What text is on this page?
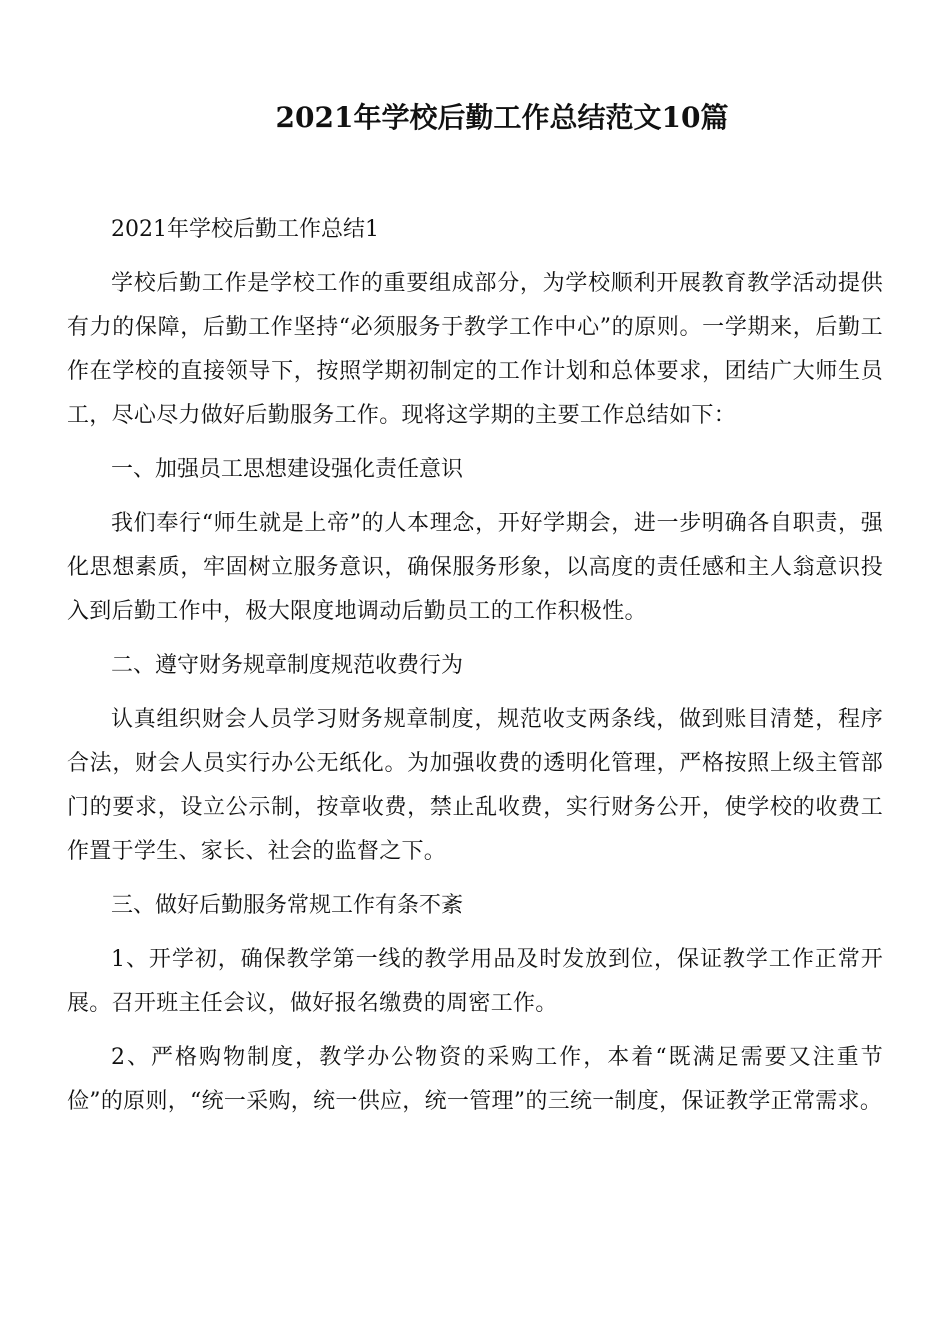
2021年学校后勤工作总结范文10篇

2021年学校后勤工作总结1

学校后勤工作是学校工作的重要组成部分，为学校顺利开展教育教学活动提供有力的保障，后勤工作坚持“必须服务于教学工作中心”的原则。一学期来，后勤工作在学校的直接领导下，按照学期初制定的工作计划和总体要求，团结广大师生员工，尽心尽力做好后勤服务工作。现将这学期的主要工作总结如下：

一、加强员工思想建设强化责任意识

我们奉行“师生就是上帝”的人本理念，开好学期会，进一步明确各自职责，强化思想素质，牢固树立服务意识，确保服务形象，以高度的责任感和主人翁意识投入到后勤工作中，极大限度地调动后勤员工的工作积极性。

二、遵守财务规章制度规范收费行为

认真组织财会人员学习财务规章制度，规范收支两条线，做到账目清楚，程序合法，财会人员实行办公无纸化。为加强收费的透明化管理，严格按照上级主管部门的要求，设立公示制，按章收费，禁止乱收费，实行财务公开，使学校的收费工作置于学生、家长、社会的监督之下。

三、做好后勤服务常规工作有条不紊

1、开学初，确保教学第一线的教学用品及时发放到位，保证教学工作正常开展。召开班主任会议，做好报名缴费的周密工作。

2、严格购物制度，教学办公物资的采购工作，本着“既满足需要又注重节俭”的原则，“统一采购，统一供应，统一管理”的三统一制度，保证教学正常需求。
